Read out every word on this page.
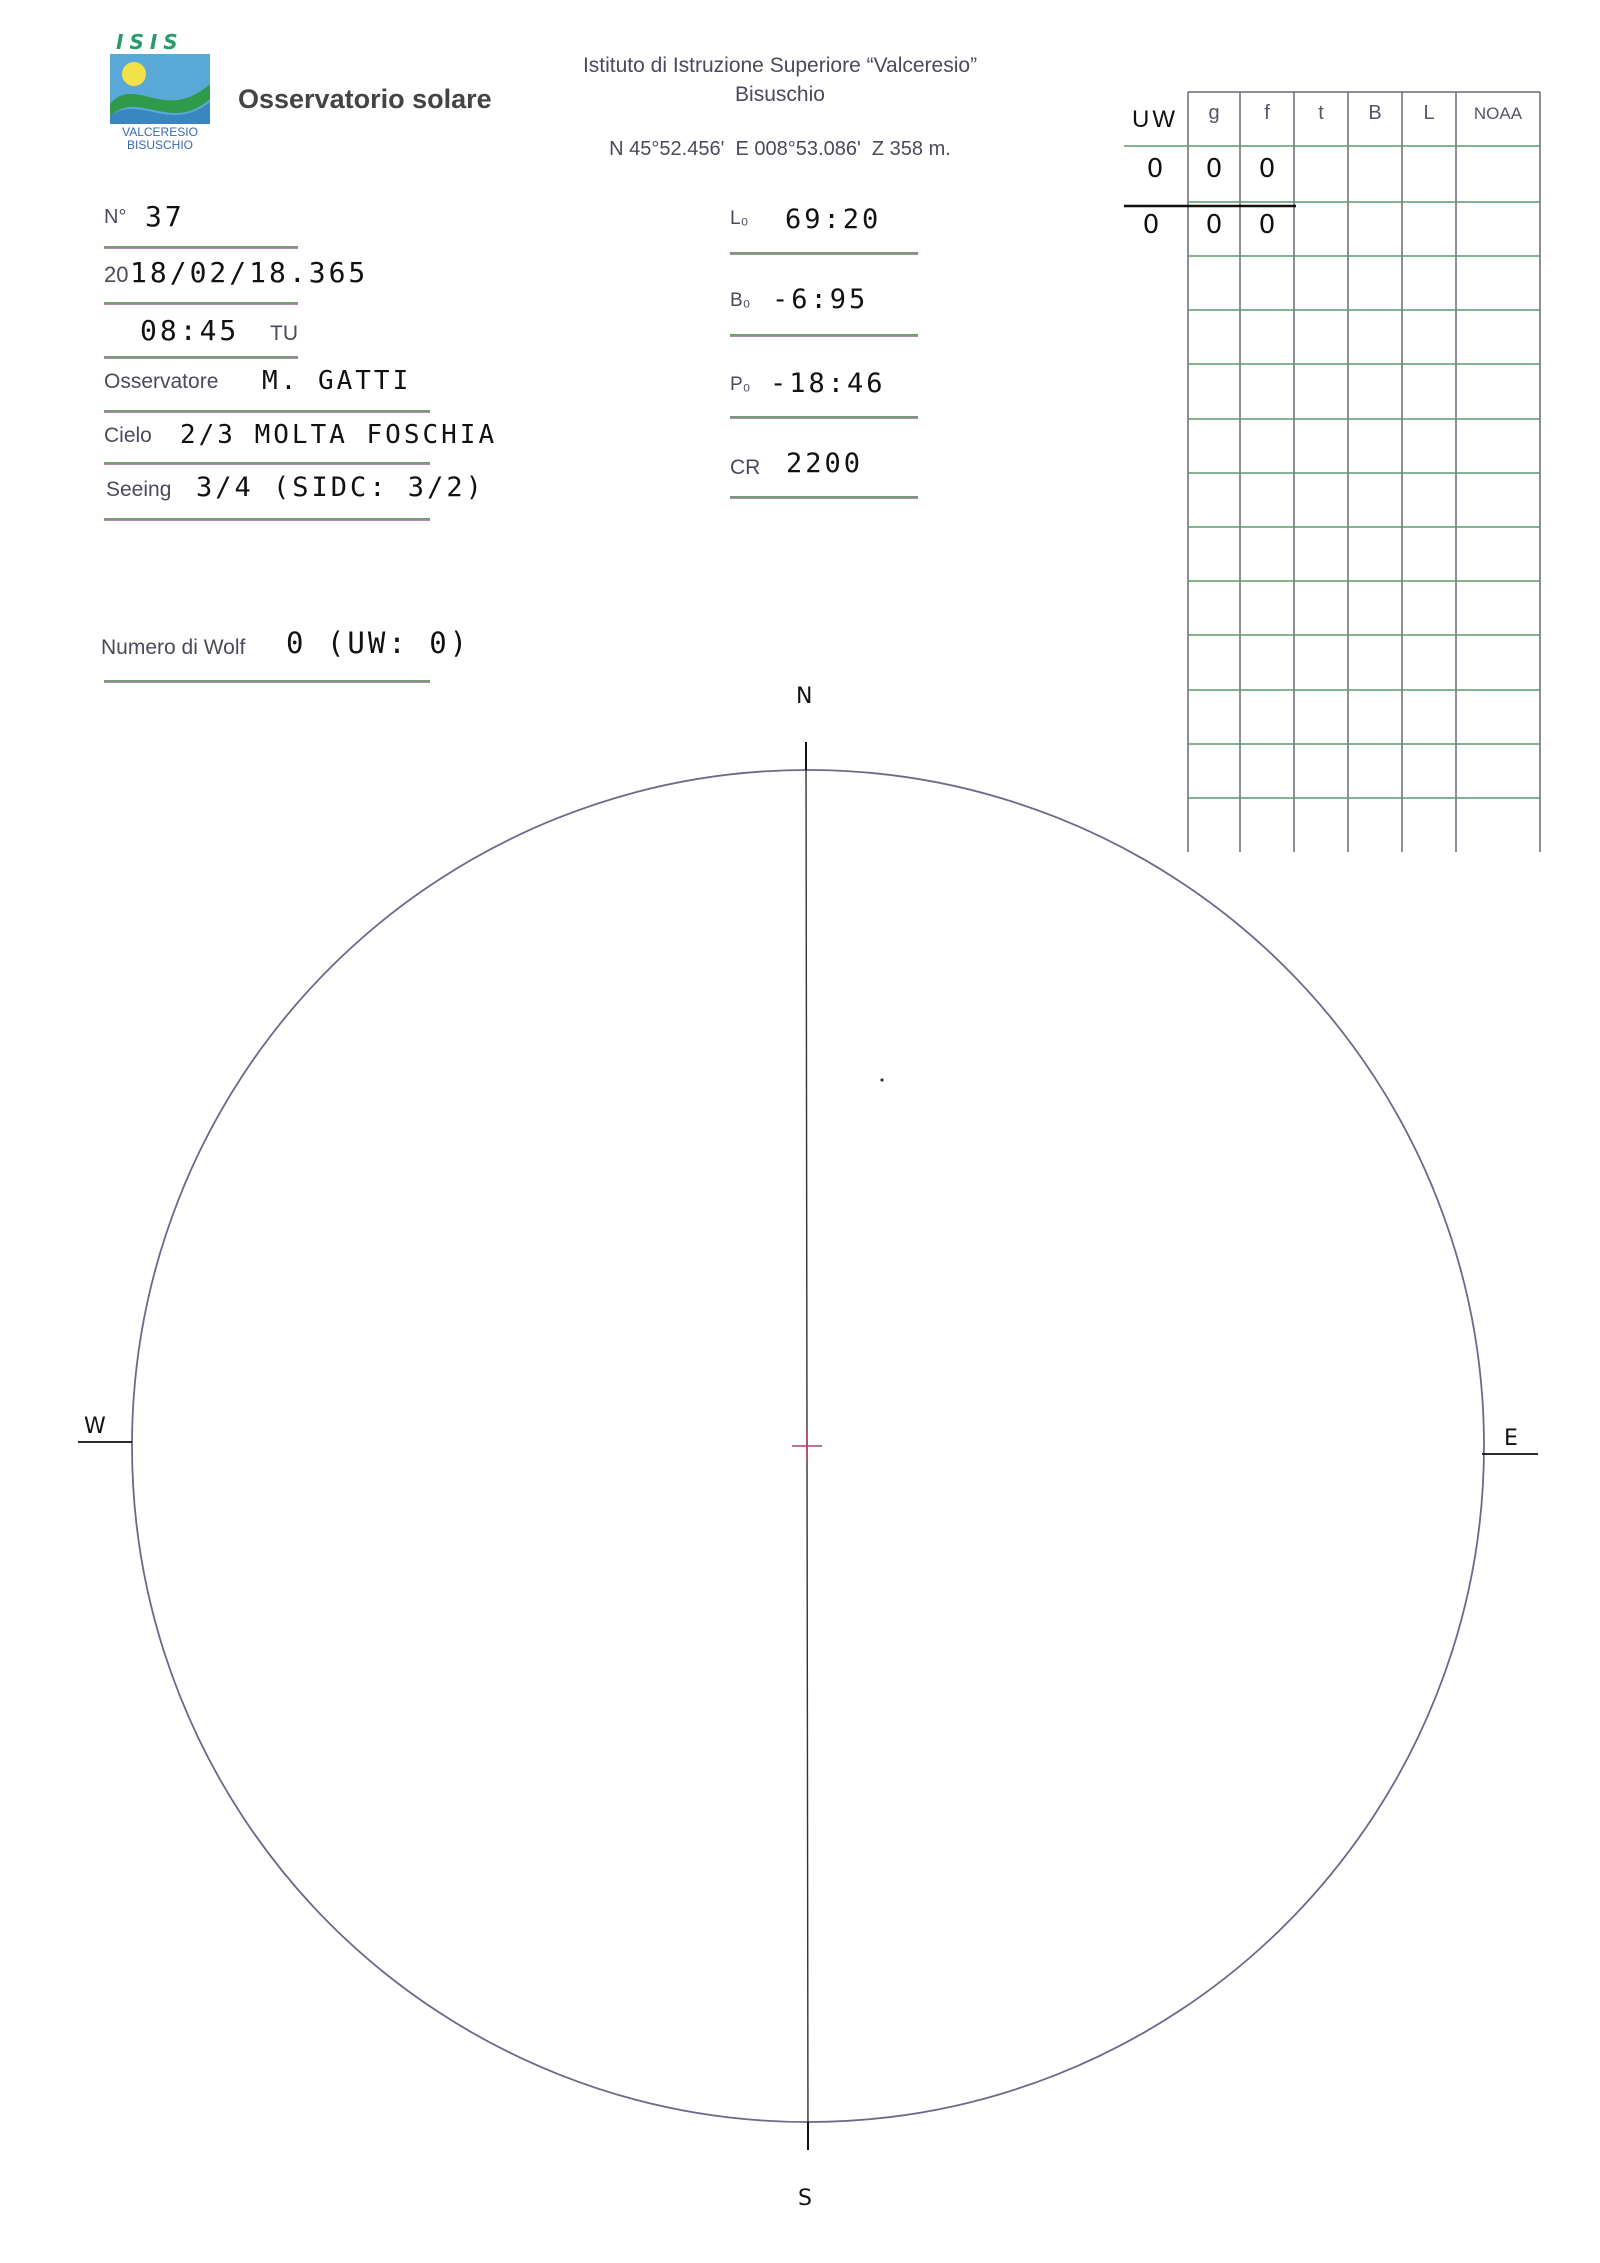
ISIS
VALCERESIO BISUSCHIO
Osservatorio solare
Istituto di Istruzione Superiore “Valceresio”
Bisuschio
N 45°52.456'  E 008°53.086'  Z 358 m.
N° 37
20 18/02/18.365
08:45 TU
Osservatore M. GATTI
Cielo 2/3 MOLTA FOSCHIA
Seeing 3/4 (SIDC: 3/2)
Numero di Wolf 0 (UW: 0)
L₀ 69:20
B₀ -6:95
P₀ -18:46
CR 2200
UW	g	f	t	B	L	NOAA
0	0	0
0	0	0
N
S
W	E
